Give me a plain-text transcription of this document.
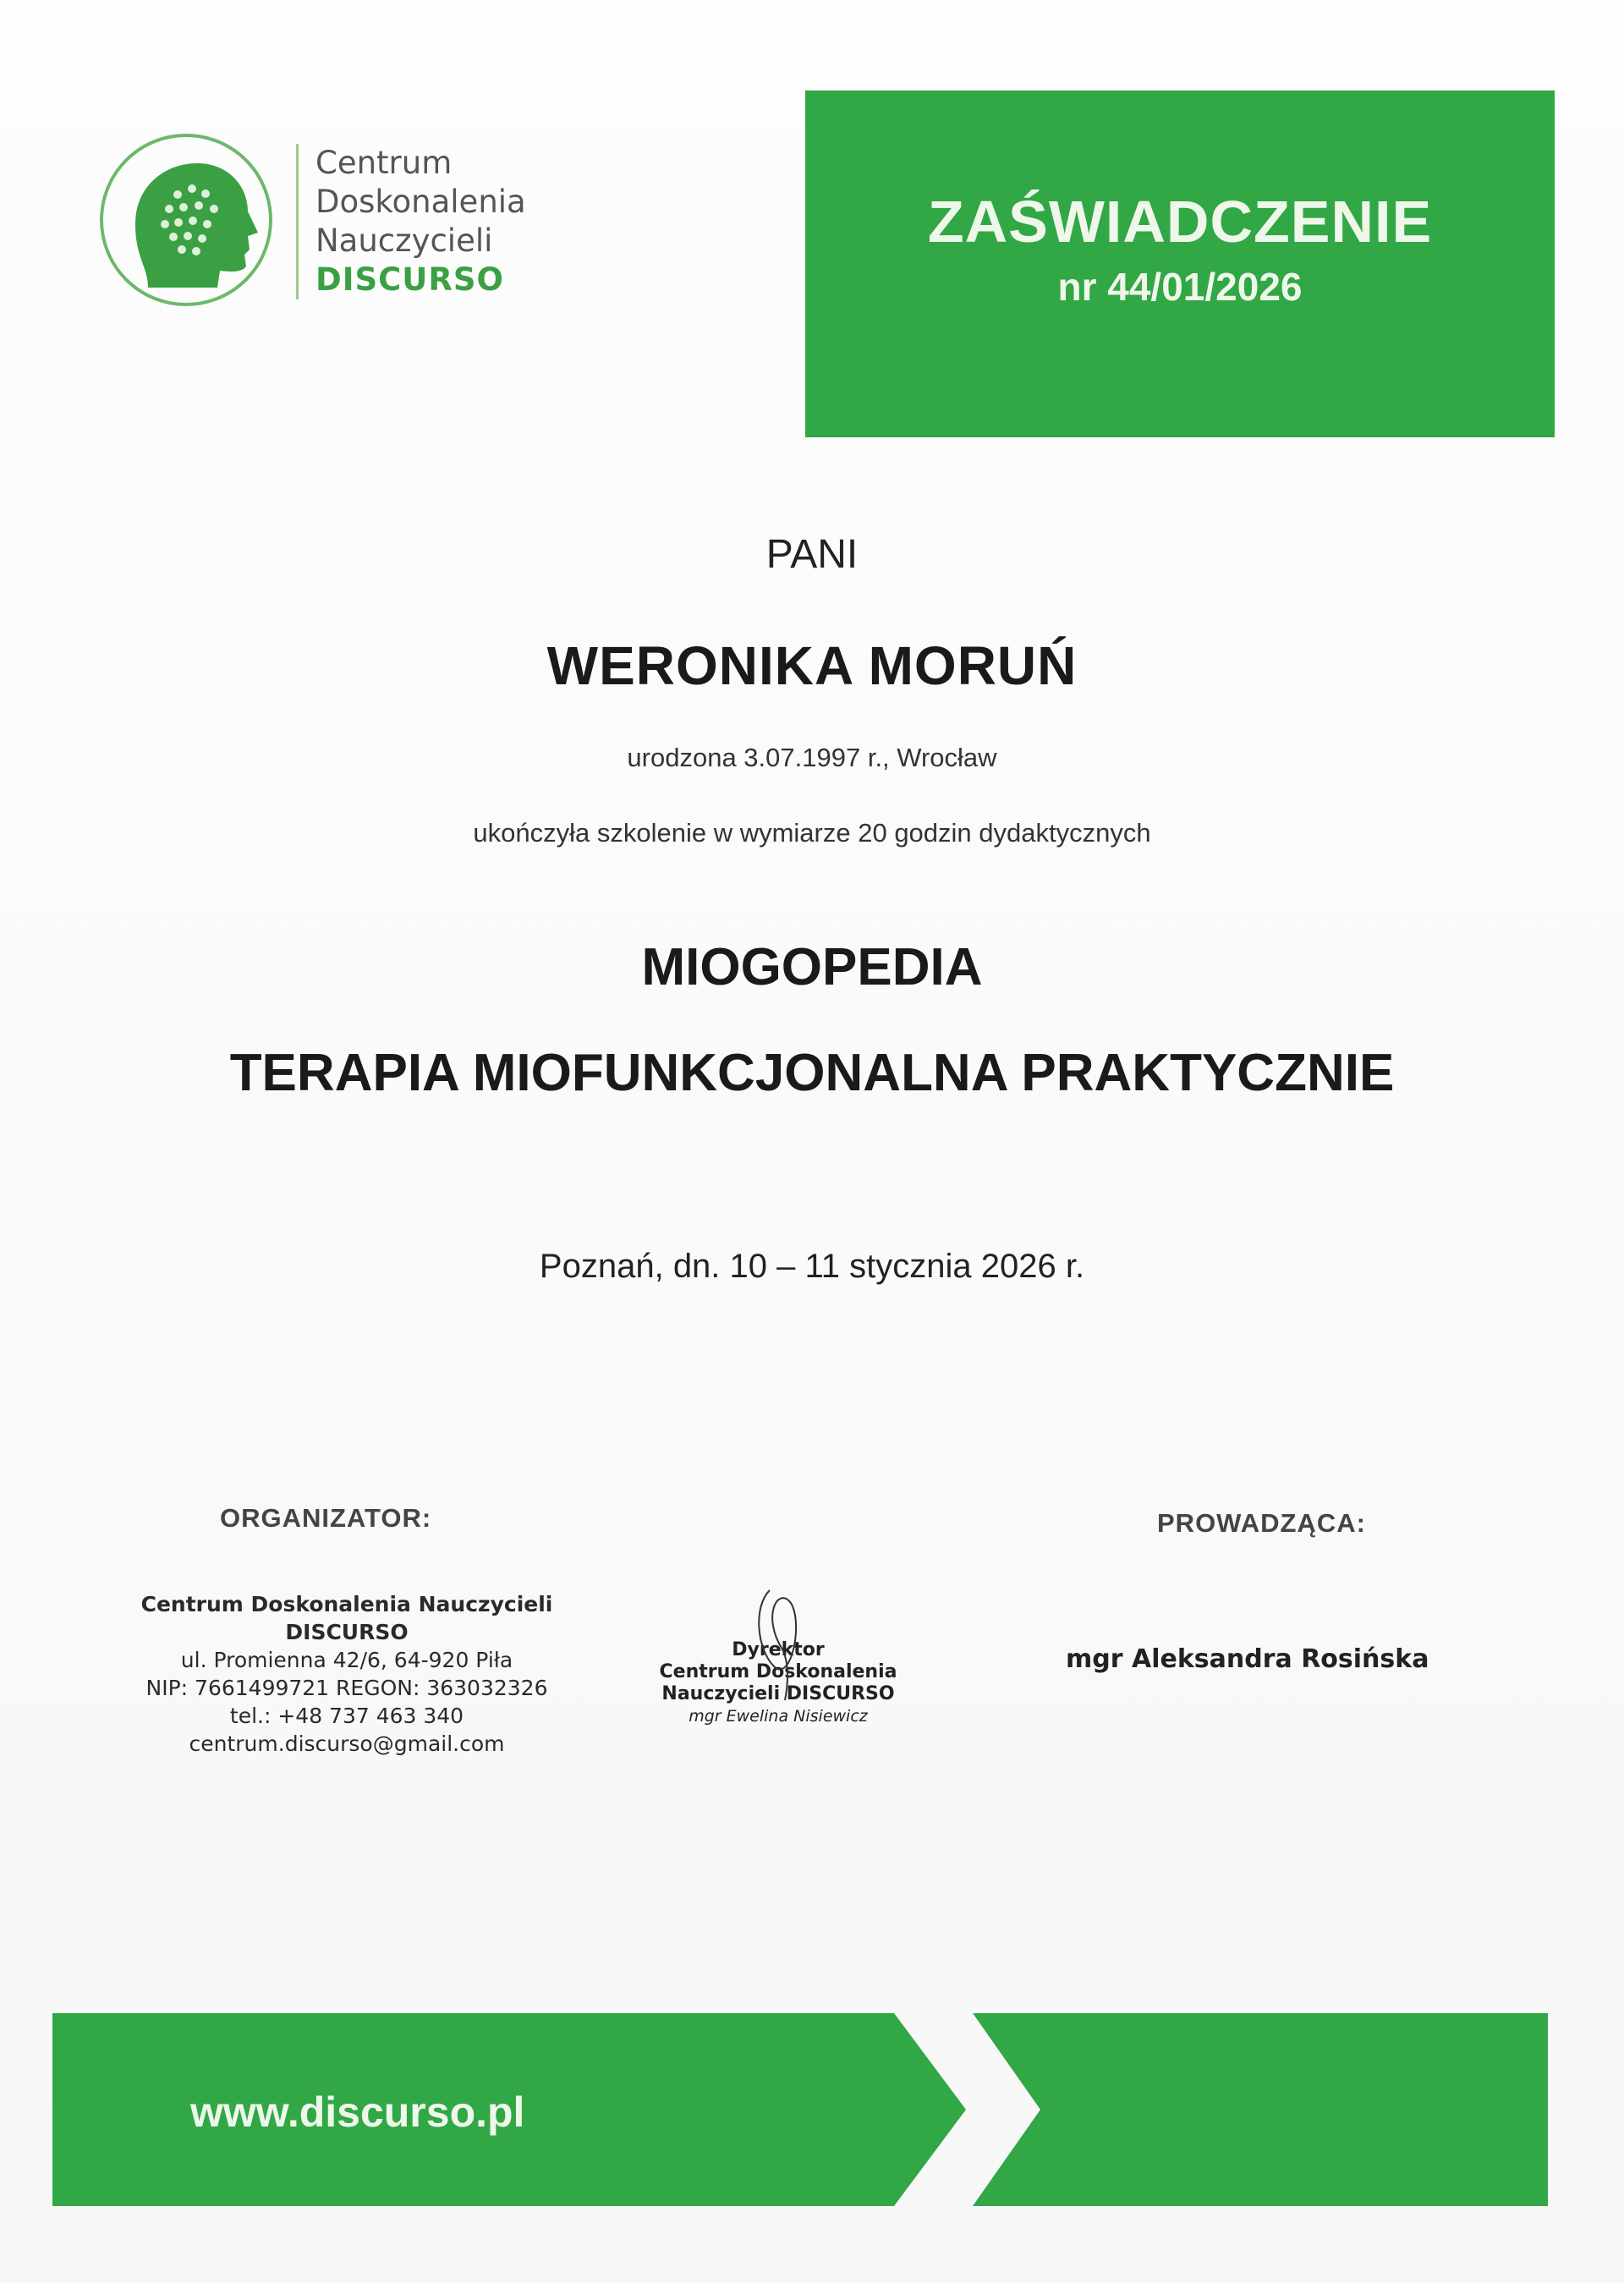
Centrum
Doskonalenia
Nauczycieli
DISCURSO
ZAŚWIADCZENIE
nr 44/01/2026
PANI
WERONIKA MORUŃ
urodzona 3.07.1997 r., Wrocław
ukończyła szkolenie w wymiarze 20 godzin dydaktycznych
MIOGOPEDIA
TERAPIA MIOFUNKCJONALNA PRAKTYCZNIE
Poznań, dn. 10 – 11 stycznia 2026 r.
ORGANIZATOR:	PROWADZĄCA:
Centrum Doskonalenia Nauczycieli
DISCURSO
ul. Promienna 42/6, 64-920 Piła
NIP: 7661499721 REGON: 363032326
tel.: +48 737 463 340
centrum.discurso@gmail.com
Dyrektor
Centrum Doskonalenia
Nauczycieli DISCURSO
mgr Ewelina Nisiewicz
mgr Aleksandra Rosińska
www.discurso.pl
